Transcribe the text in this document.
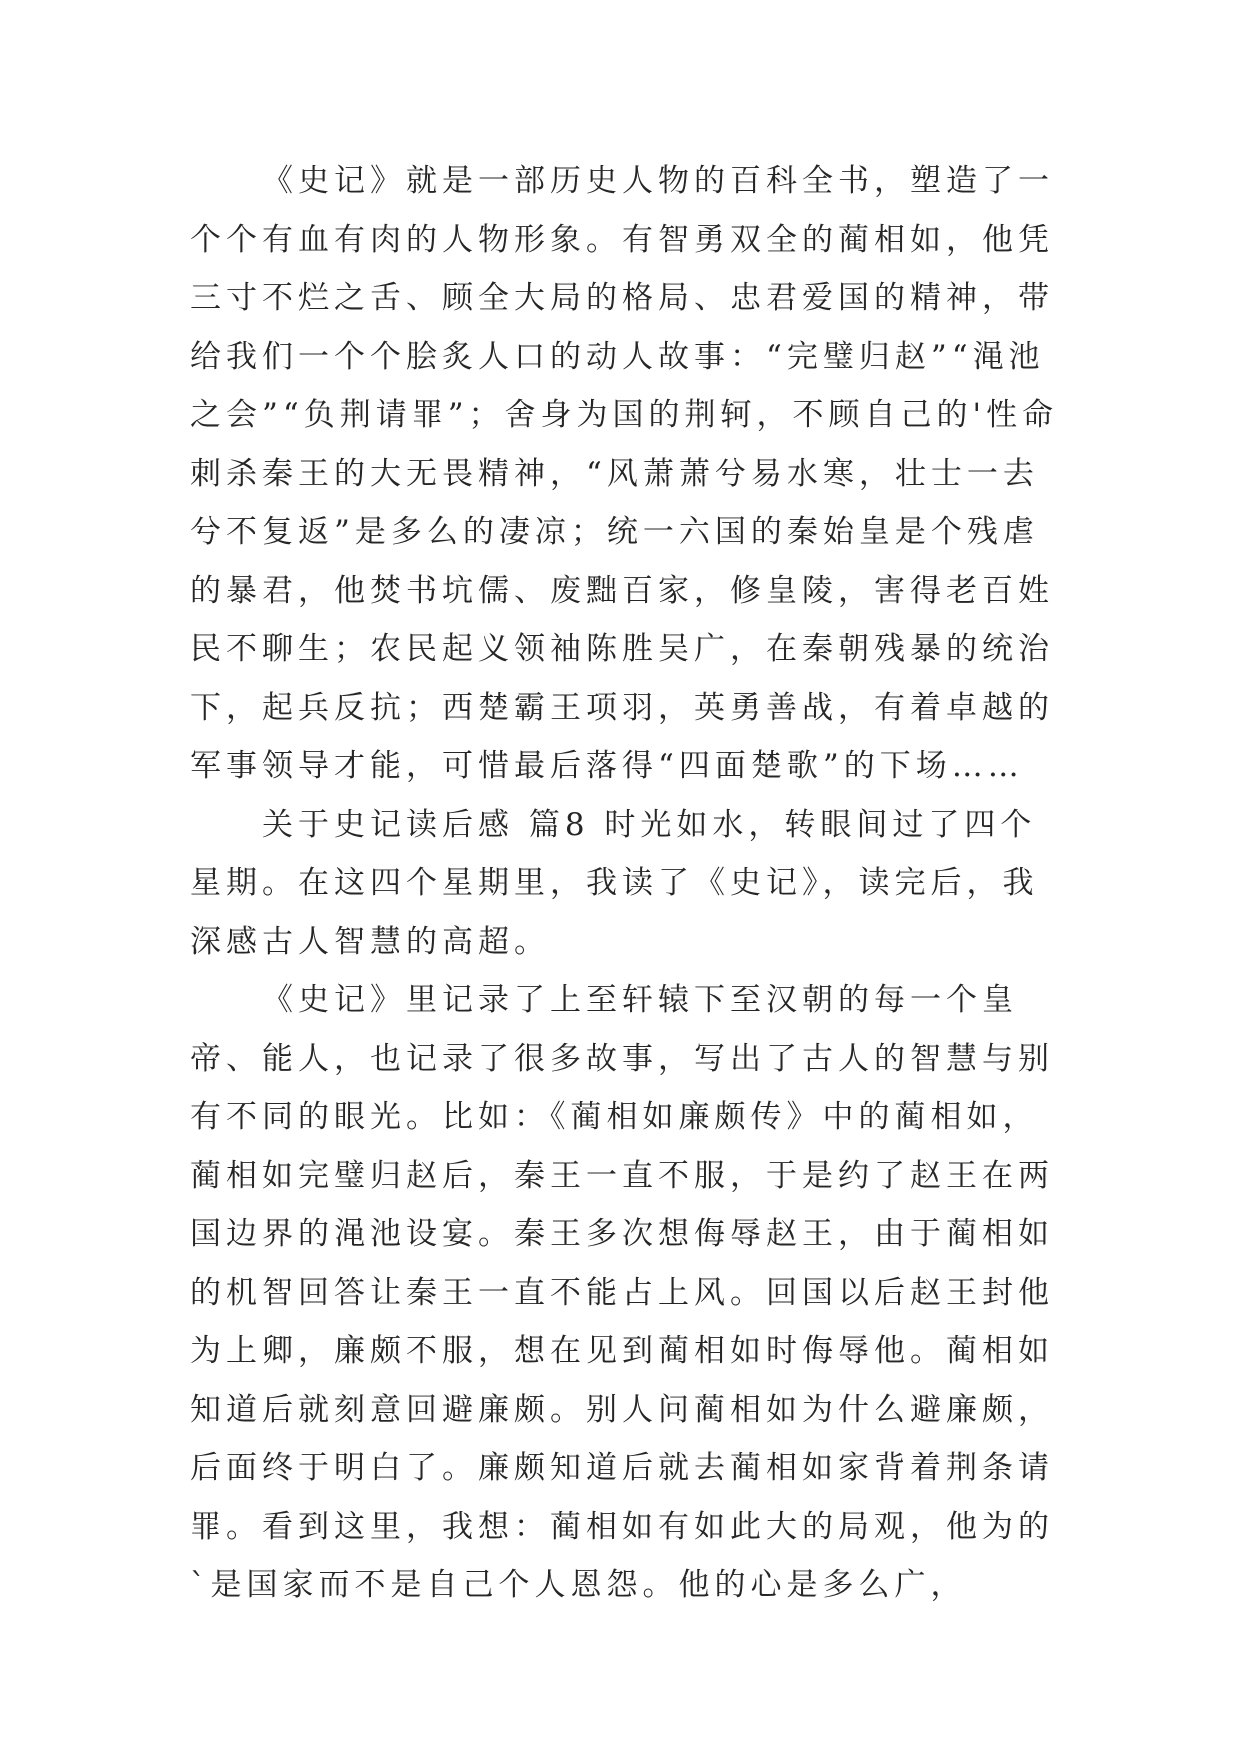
《史记》就是一部历史人物的百科全书，塑造了一个个有血有肉的人物形象。有智勇双全的蔺相如，他凭三寸不烂之舌、顾全大局的格局、忠君爱国的精神，带给我们一个个脍炙人口的动人故事：“完璧归赵”“渑池之会”“负荆请罪”；舍身为国的荆轲，不顾自己的'性命刺杀秦王的大无畏精神，“风萧萧兮易水寒，壮士一去兮不复返”是多么的凄凉；统一六国的秦始皇是个残虐的暴君，他焚书坑儒、废黜百家，修皇陵，害得老百姓民不聊生；农民起义领袖陈胜吴广，在秦朝残暴的统治下，起兵反抗；西楚霸王项羽，英勇善战，有着卓越的军事领导才能，可惜最后落得“四面楚歌”的下场……

关于史记读后感 篇8 时光如水，转眼间过了四个星期。在这四个星期里，我读了《史记》，读完后，我深感古人智慧的高超。

《史记》里记录了上至轩辕下至汉朝的每一个皇帝、能人，也记录了很多故事，写出了古人的智慧与别有不同的眼光。比如：《蔺相如廉颇传》中的蔺相如，蔺相如完璧归赵后，秦王一直不服，于是约了赵王在两国边界的渑池设宴。秦王多次想侮辱赵王，由于蔺相如的机智回答让秦王一直不能占上风。回国以后赵王封他为上卿，廉颇不服，想在见到蔺相如时侮辱他。蔺相如知道后就刻意回避廉颇。别人问蔺相如为什么避廉颇，后面终于明白了。廉颇知道后就去蔺相如家背着荆条请罪。看到这里，我想：蔺相如有如此大的局观，他为的`是国家而不是自己个人恩怨。他的心是多么广，
